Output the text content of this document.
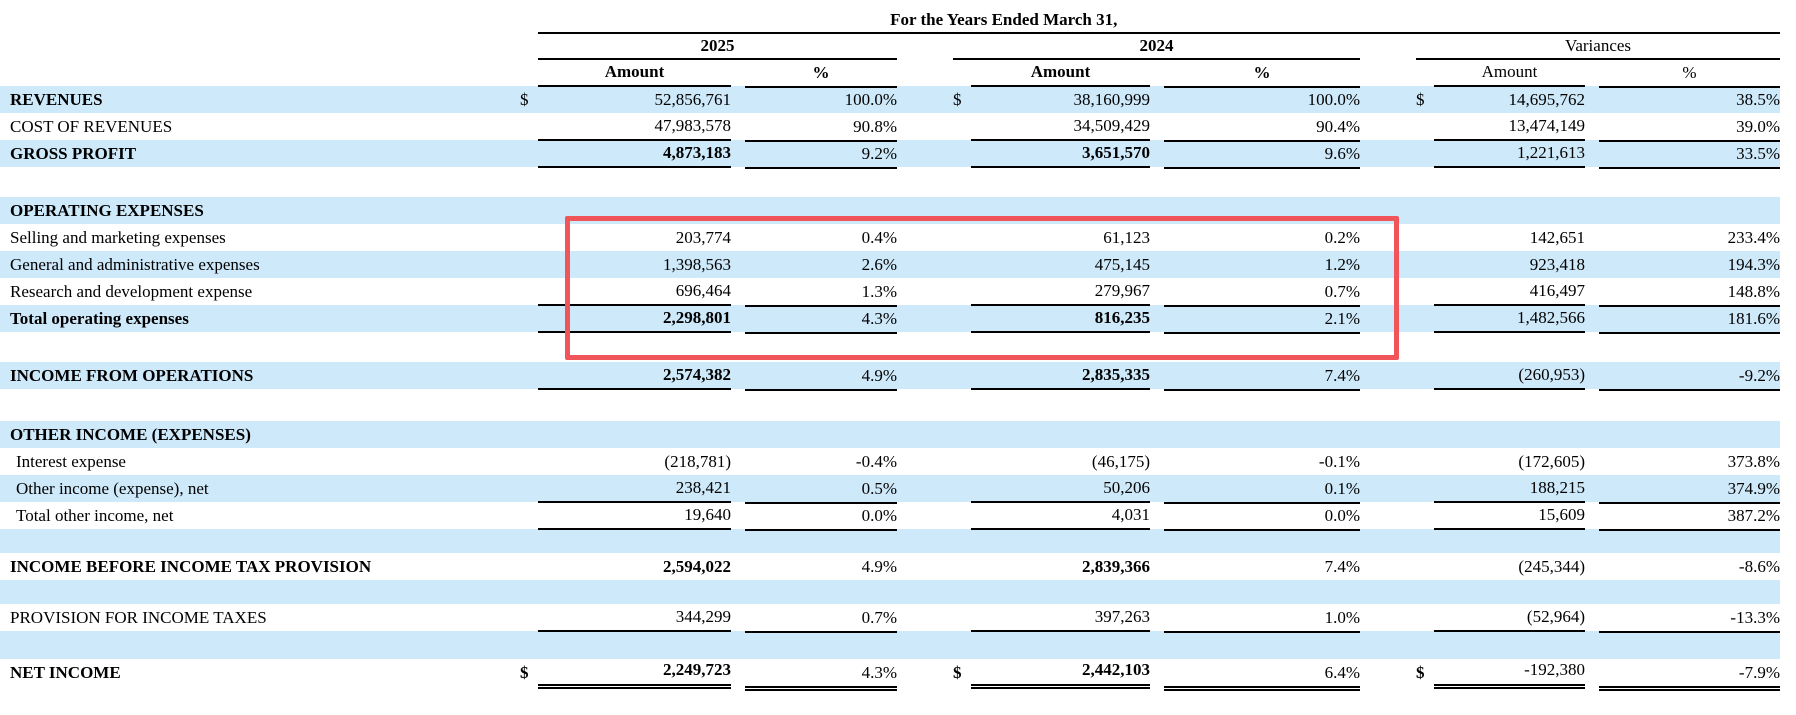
For the Years Ended March 31,
2025	2024	Variances
Amount	%	Amount	%	Amount	%
REVENUES	$	52,856,761	100.0%	$	38,160,999	100.0%	$	14,695,762	38.5%
COST OF REVENUES	47,983,578	90.8%	34,509,429	90.4%	13,474,149	39.0%
GROSS PROFIT	4,873,183	9.2%	3,651,570	9.6%	1,221,613	33.5%
OPERATING EXPENSES
Selling and marketing expenses	203,774	0.4%	61,123	0.2%	142,651	233.4%
General and administrative expenses	1,398,563	2.6%	475,145	1.2%	923,418	194.3%
Research and development expense	696,464	1.3%	279,967	0.7%	416,497	148.8%
Total operating expenses	2,298,801	4.3%	816,235	2.1%	1,482,566	181.6%
INCOME FROM OPERATIONS	2,574,382	4.9%	2,835,335	7.4%	(260,953)	-9.2%
OTHER INCOME (EXPENSES)
Interest expense	(218,781)	-0.4%	(46,175)	-0.1%	(172,605)	373.8%
Other income (expense), net	238,421	0.5%	50,206	0.1%	188,215	374.9%
Total other income, net	19,640	0.0%	4,031	0.0%	15,609	387.2%
INCOME BEFORE INCOME TAX PROVISION	2,594,022	4.9%	2,839,366	7.4%	(245,344)	-8.6%
PROVISION FOR INCOME TAXES	344,299	0.7%	397,263	1.0%	(52,964)	-13.3%
NET INCOME	$	2,249,723	4.3%	$	2,442,103	6.4%	$	-192,380	-7.9%
